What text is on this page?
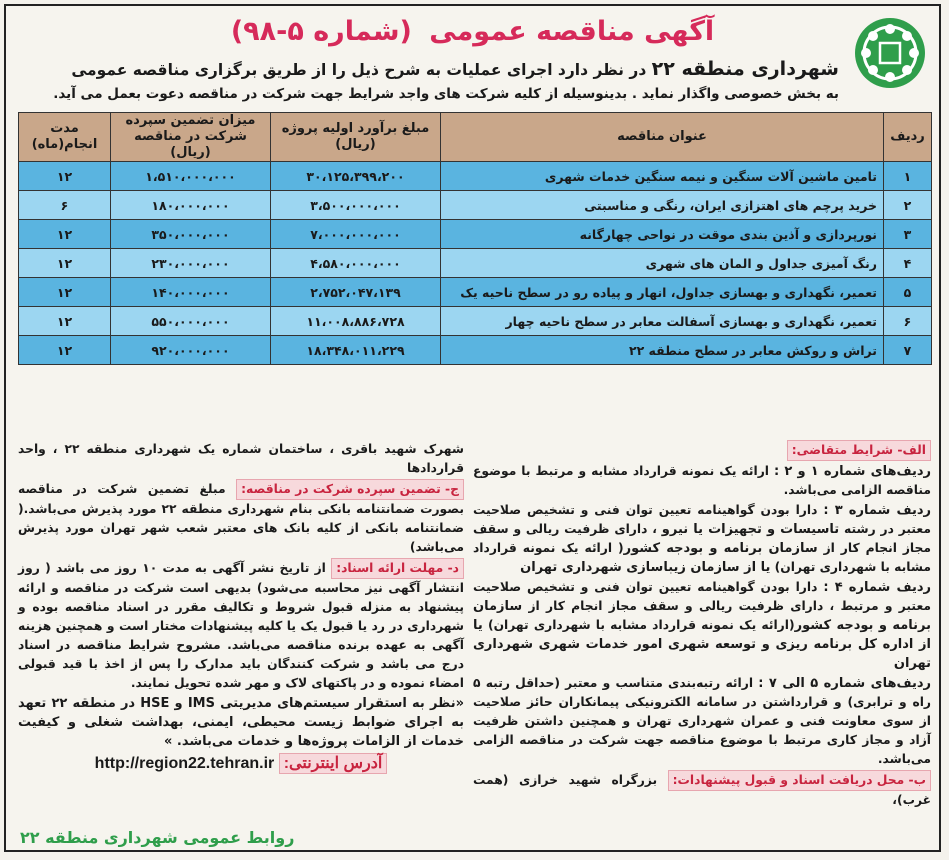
آگهی مناقصه عمومی (شماره ۵-۹۸)
شهرداری منطقه ۲۲ در نظر دارد اجرای عملیات به شرح ذیل را از طریق برگزاری مناقصه عمومی
به بخش خصوصی واگذار نماید . بدینوسیله از کلیه شرکت های واجد شرایط جهت شرکت در مناقصه دعوت بعمل می آید.
ردیف	عنوان مناقصه	مبلغ برآورد اولیه پروژه (ریال)	میزان تضمین سپرده شرکت در مناقصه (ریال)	مدت انجام(ماه)
۱	تامین ماشین آلات سنگین و نیمه سنگین خدمات شهری	۳۰،۱۲۵،۳۹۹،۲۰۰	۱،۵۱۰،۰۰۰،۰۰۰	۱۲
۲	خرید پرچم های اهتزازی ایران، رنگی و مناسبتی	۳،۵۰۰،۰۰۰،۰۰۰	۱۸۰،۰۰۰،۰۰۰	۶
۳	نورپردازی و آذین بندی موقت در نواحی چهارگانه	۷،۰۰۰،۰۰۰،۰۰۰	۳۵۰،۰۰۰،۰۰۰	۱۲
۴	رنگ آمیزی جداول و المان های شهری	۴،۵۸۰،۰۰۰،۰۰۰	۲۳۰،۰۰۰،۰۰۰	۱۲
۵	تعمیر، نگهداری و بهسازی جداول، انهار و پیاده رو در سطح ناحیه یک	۲،۷۵۲،۰۴۷،۱۳۹	۱۴۰،۰۰۰،۰۰۰	۱۲
۶	تعمیر، نگهداری و بهسازی آسفالت معابر در سطح ناحیه چهار	۱۱،۰۰۸،۸۸۶،۷۲۸	۵۵۰،۰۰۰،۰۰۰	۱۲
۷	تراش و روکش معابر در سطح منطقه ۲۲	۱۸،۳۴۸،۰۱۱،۲۲۹	۹۲۰،۰۰۰،۰۰۰	۱۲

الف- شرایط متقاضی:

ردیف‌های شماره ۱ و ۲ : ارائه یک نمونه قرارداد مشابه و مرتبط با موضوع مناقصه الزامی می‌باشد.

ردیف شماره ۳ : دارا بودن گواهینامه تعیین توان فنی و تشخیص صلاحیت معتبر در رشته تاسیسات و تجهیزات یا نیرو ، دارای ظرفیت ریالی و سقف مجاز انجام کار از سازمان برنامه و بودجه کشور( ارائه یک نمونه قرارداد مشابه با شهرداری تهران) یا از سازمان زیباسازی شهرداری تهران

ردیف شماره ۴ : دارا بودن گواهینامه تعیین توان فنی و تشخیص صلاحیت معتبر و مرتبط ، دارای ظرفیت ریالی و سقف مجاز انجام کار از سازمان برنامه و بودجه کشور(ارائه یک نمونه قرارداد مشابه با شهرداری تهران) یا از اداره کل برنامه ریزی و توسعه شهری امور خدمات شهری شهرداری تهران

ردیف‌های شماره ۵ الی ۷ : ارائه رتبه‌بندی متناسب و معتبر (حداقل رتبه ۵ راه و ترابری) و قرارداشتن در سامانه الکترونیکی پیمانکاران حائز صلاحیت از سوی معاونت فنی و عمران شهرداری تهران و همچنین داشتن ظرفیت آزاد و مجاز کاری مرتبط با موضوع مناقصه جهت شرکت در مناقصه الزامی می‌باشد.

ب- محل دریافت اسناد و قبول پیشنهادات: بزرگراه شهید خرازی (همت غرب)،

شهرک شهید باقری ، ساختمان شماره یک شهرداری منطقه ۲۲ ، واحد قراردادها

ج- تضمین سپرده شرکت در مناقصه: مبلغ تضمین شرکت در مناقصه بصورت ضمانتنامه بانکی بنام شهرداری منطقه ۲۲ مورد پذیرش می‌باشد.( ضمانتنامه بانکی از کلیه بانک های معتبر شعب شهر تهران مورد پذیرش می‌باشد)

د- مهلت ارائه اسناد: از تاریخ نشر آگهی به مدت ۱۰ روز می باشد ( روز انتشار آگهی نیز محاسبه می‌شود) بدیهی است شرکت در مناقصه و ارائه پیشنهاد به منزله قبول شروط و تکالیف مقرر در اسناد مناقصه بوده و شهرداری در رد یا قبول یک یا کلیه پیشنهادات مختار است و همچنین هزینه آگهی به عهده برنده مناقصه می‌باشد. مشروح شرایط مناقصه در اسناد درج می باشد و شرکت کنندگان باید مدارک را پس از اخذ با قید قبولی امضاء نموده و در پاکتهای لاک و مهر شده تحویل نمایند.

«نظر به استقرار سیستم‌های مدیریتی IMS و HSE در منطقه ۲۲ تعهد به اجرای ضوابط زیست محیطی، ایمنی، بهداشت شغلی و کیفیت خدمات از الزامات پروژه‌ها و خدمات می‌باشد. »

http://region22.tehran.ir آدرس اینترنتی:
روابط عمومی شهرداری منطقه ۲۲
